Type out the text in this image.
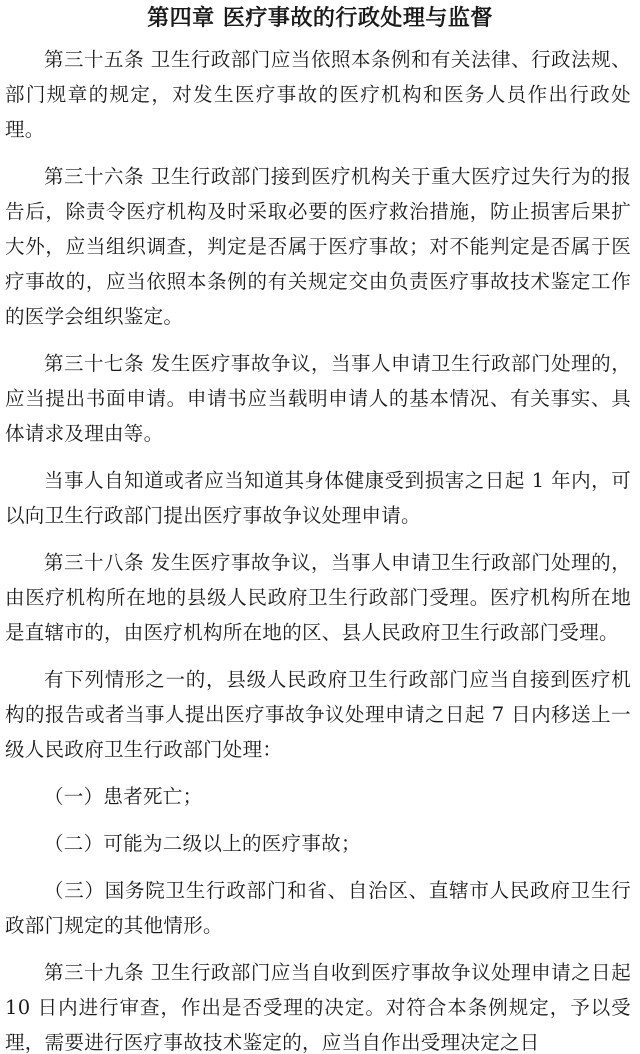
第四章 医疗事故的行政处理与监督

第三十五条 卫生行政部门应当依照本条例和有关法律、行政法规、部门规章的规定，对发生医疗事故的医疗机构和医务人员作出行政处理。

第三十六条 卫生行政部门接到医疗机构关于重大医疗过失行为的报告后，除责令医疗机构及时采取必要的医疗救治措施，防止损害后果扩大外，应当组织调查，判定是否属于医疗事故；对不能判定是否属于医疗事故的，应当依照本条例的有关规定交由负责医疗事故技术鉴定工作的医学会组织鉴定。

第三十七条 发生医疗事故争议，当事人申请卫生行政部门处理的，应当提出书面申请。申请书应当载明申请人的基本情况、有关事实、具体请求及理由等。

当事人自知道或者应当知道其身体健康受到损害之日起 1 年内，可以向卫生行政部门提出医疗事故争议处理申请。

第三十八条 发生医疗事故争议，当事人申请卫生行政部门处理的，由医疗机构所在地的县级人民政府卫生行政部门受理。医疗机构所在地是直辖市的，由医疗机构所在地的区、县人民政府卫生行政部门受理。

有下列情形之一的，县级人民政府卫生行政部门应当自接到医疗机构的报告或者当事人提出医疗事故争议处理申请之日起 7 日内移送上一级人民政府卫生行政部门处理：

（一）患者死亡；

（二）可能为二级以上的医疗事故；

（三）国务院卫生行政部门和省、自治区、直辖市人民政府卫生行政部门规定的其他情形。

第三十九条 卫生行政部门应当自收到医疗事故争议处理申请之日起 10 日内进行审查，作出是否受理的决定。对符合本条例规定，予以受理，需要进行医疗事故技术鉴定的，应当自作出受理决定之日
